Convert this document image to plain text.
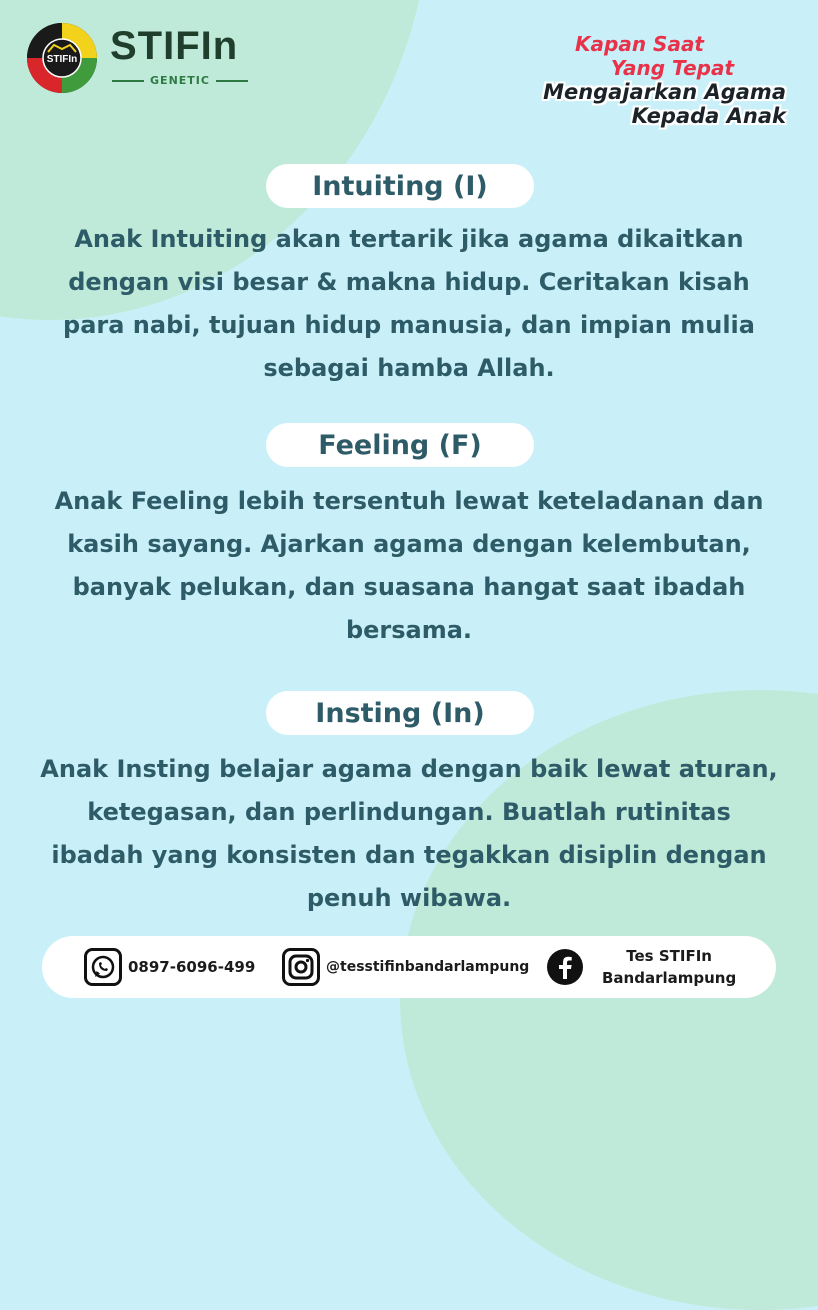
STIFIn STIFIn
GENETIC
Kapan Saat
Yang Tepat
Mengajarkan Agama
Kepada Anak
Intuiting (I)
Anak Intuiting akan tertarik jika agama dikaitkan dengan visi besar & makna hidup. Ceritakan kisah para nabi, tujuan hidup manusia, dan impian mulia sebagai hamba Allah.
Feeling (F)
Anak Feeling lebih tersentuh lewat keteladanan dan kasih sayang. Ajarkan agama dengan kelembutan, banyak pelukan, dan suasana hangat saat ibadah bersama.
Insting (In)
Anak Insting belajar agama dengan baik lewat aturan, ketegasan, dan perlindungan. Buatlah rutinitas ibadah yang konsisten dan tegakkan disiplin dengan penuh wibawa.
0897-6096-499	@tesstifinbandarlampung
Tes STIFIn
Bandarlampung
